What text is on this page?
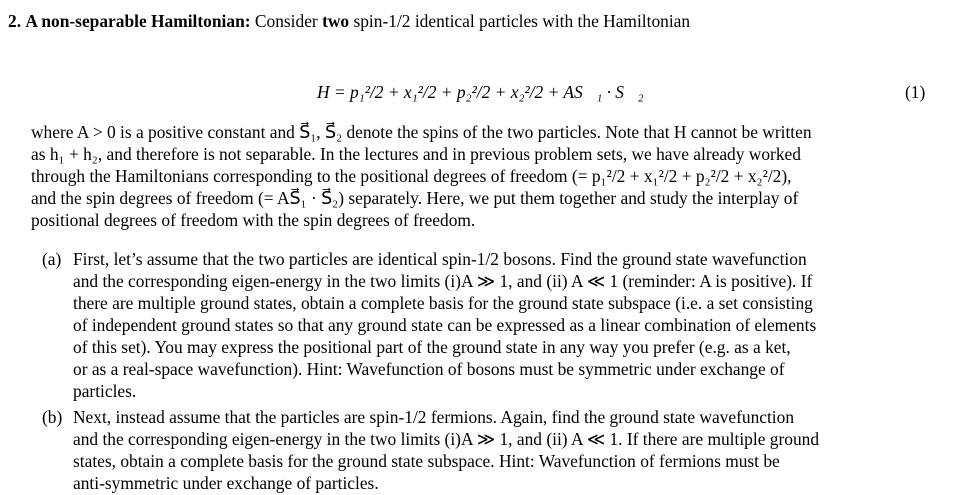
2. A non-separable Hamiltonian: Consider two spin-1/2 identical particles with the Hamiltonian
H = p₁²/2 + x₁²/2 + p₂²/2 + x₂²/2 + AS⃗₁ · S⃗₂	(1)
where A > 0 is a positive constant and S⃗₁, S⃗₂ denote the spins of the two particles. Note that H cannot be written
as h₁ + h₂, and therefore is not separable. In the lectures and in previous problem sets, we have already worked
through the Hamiltonians corresponding to the positional degrees of freedom (= p₁²/2 + x₁²/2 + p₂²/2 + x₂²/2),
and the spin degrees of freedom (= AS⃗₁ · S⃗₂) separately. Here, we put them together and study the interplay of
positional degrees of freedom with the spin degrees of freedom.
(a) First, let’s assume that the two particles are identical spin-1/2 bosons. Find the ground state wavefunction
and the corresponding eigen-energy in the two limits (i)A ≫ 1, and (ii) A ≪ 1 (reminder: A is positive). If
there are multiple ground states, obtain a complete basis for the ground state subspace (i.e. a set consisting
of independent ground states so that any ground state can be expressed as a linear combination of elements
of this set). You may express the positional part of the ground state in any way you prefer (e.g. as a ket,
or as a real-space wavefunction). Hint: Wavefunction of bosons must be symmetric under exchange of
particles.
(b) Next, instead assume that the particles are spin-1/2 fermions. Again, find the ground state wavefunction
and the corresponding eigen-energy in the two limits (i)A ≫ 1, and (ii) A ≪ 1. If there are multiple ground
states, obtain a complete basis for the ground state subspace. Hint: Wavefunction of fermions must be
anti-symmetric under exchange of particles.
